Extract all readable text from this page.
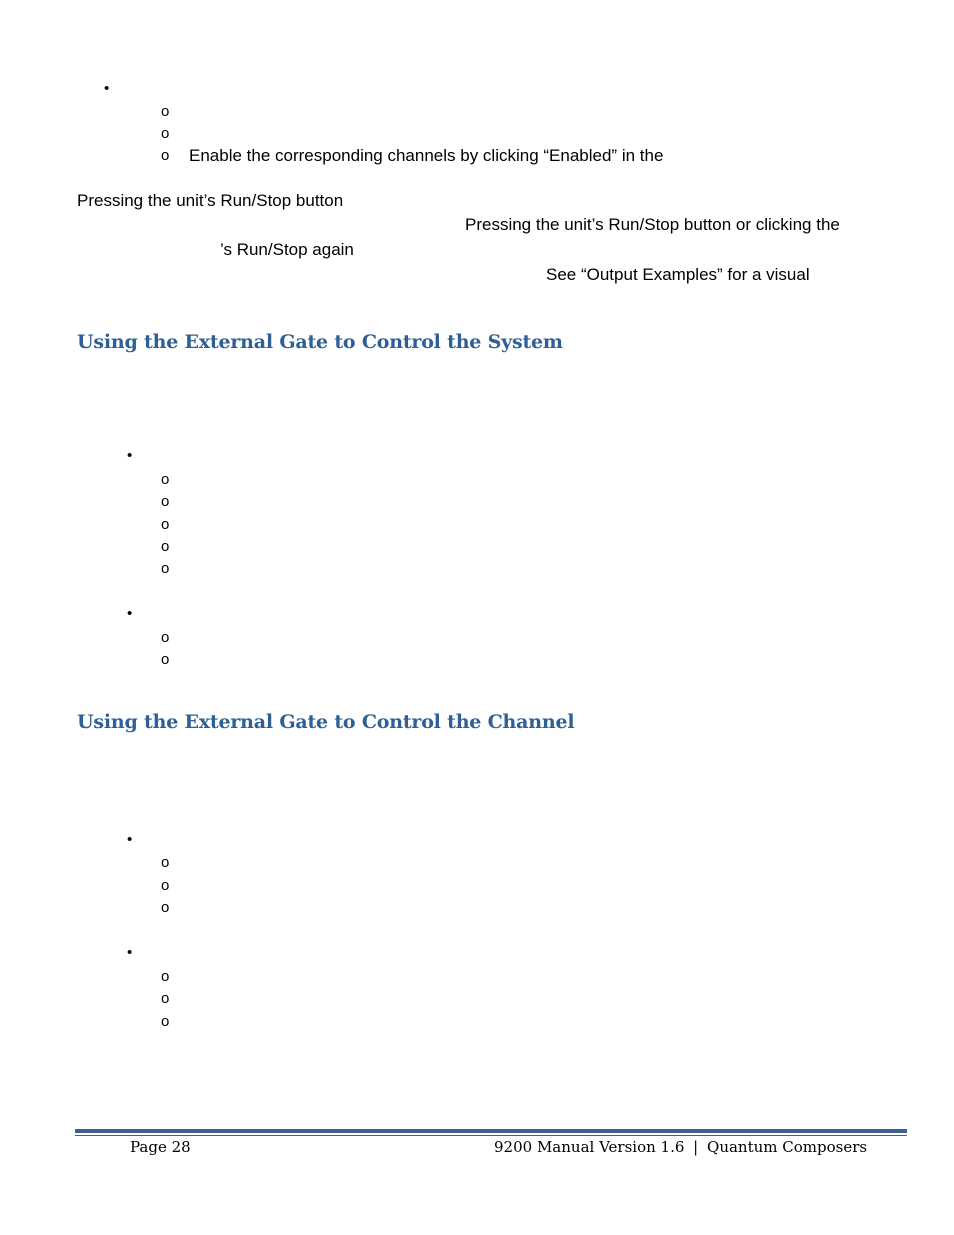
•
o
o
o Enable the corresponding channels by clicking “Enabled” in the
Pressing the unit’s Run/Stop button
Pressing the unit’s Run/Stop button or clicking the
’s Run/Stop again
See “Output Examples” for a visual
Using the External Gate to Control the System
•
o
o
o
o
o
•
o
o
Using the External Gate to Control the Channel
•
o
o
o
•
o
o
o
Page 28	9200 Manual Version 1.6 | Quantum Composers
